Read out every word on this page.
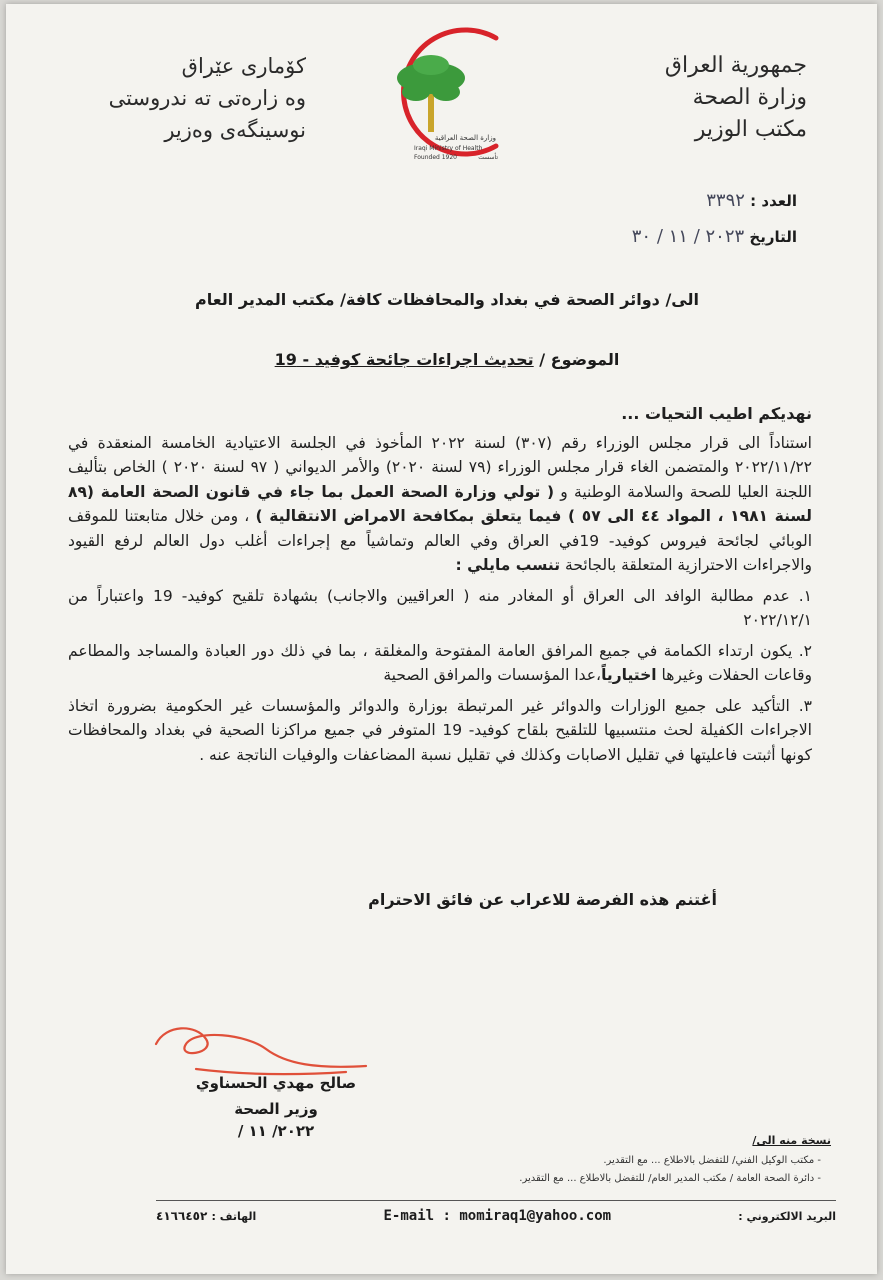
جمهورية العراق
وزارة الصحة
مكتب الوزير
كۆماری عێراق
وه زارەتی ته ندروستی
نوسینگەی وەزیر	وزارة الصحة العراقية
Iraqi Ministry of Health
Founded 1920	تأسست
العدد : ٣٣٩٢
التاريخ ٢٠٢٣ / ١١ / ٣٠
الى/ دوائر الصحة في بغداد والمحافظات كافة/ مكتب المدير العام
الموضوع / تحديث اجراءات جائحة كوفيد - 19

نهديكم اطيب التحيات ...

استناداً الى قرار مجلس الوزراء رقم (٣٠٧) لسنة ٢٠٢٢ المأخوذ في الجلسة الاعتيادية الخامسة المنعقدة في ٢٠٢٢/١١/٢٢ والمتضمن الغاء قرار مجلس الوزراء (٧٩ لسنة ٢٠٢٠) والأمر الديواني ( ٩٧ لسنة ٢٠٢٠ ) الخاص بتأليف اللجنة العليا للصحة والسلامة الوطنية و ( تولي وزارة الصحة العمل بما جاء في قانون الصحة العامة (٨٩ لسنة ١٩٨١ ، المواد ٤٤ الى ٥٧ ) فيما يتعلق بمكافحة الامراض الانتقالية ) ، ومن خلال متابعتنا للموقف الوبائي لجائحة فيروس كوفيد- 19في العراق وفي العالم وتماشياً مع إجراءات أغلب دول العالم لرفع القيود والاجراءات الاحترازية المتعلقة بالجائحة تنسب مايلي :

١. عدم مطالبة الوافد الى العراق أو المغادر منه ( العراقيين والاجانب) بشهادة تلقيح كوفيد- 19 واعتباراً من ٢٠٢٢/١٢/١

٢. يكون ارتداء الكمامة في جميع المرافق العامة المفتوحة والمغلقة ، بما في ذلك دور العبادة والمساجد والمطاعم وقاعات الحفلات وغيرها اختيارياً،عدا المؤسسات والمرافق الصحية

٣. التأكيد على جميع الوزارات والدوائر غير المرتبطة بوزارة والدوائر والمؤسسات غير الحكومية بضرورة اتخاذ الاجراءات الكفيلة لحث منتسبيها للتلقيح بلقاح كوفيد- 19 المتوفر في جميع مراكزنا الصحية في بغداد والمحافظات كونها أثبتت فاعليتها في تقليل الاصابات وكذلك في تقليل نسبة المضاعفات والوفيات الناتجة عنه .

أغتنم هذه الفرصة للاعراب عن فائق الاحترام
صالح مهدي الحسناوي
وزير الصحة
٢٠٢٢/ ١١ /
نسخة منه الى/
- مكتب الوكيل الفني/ للتفضل بالاطلاع ... مع التقدير.
- دائرة الصحة العامة / مكتب المدير العام/ للتفضل بالاطلاع ... مع التقدير.
البريد الالكتروني :
E-mail : momiraq1@yahoo.com
الهاتف : ٤١٦٦٤٥٢
